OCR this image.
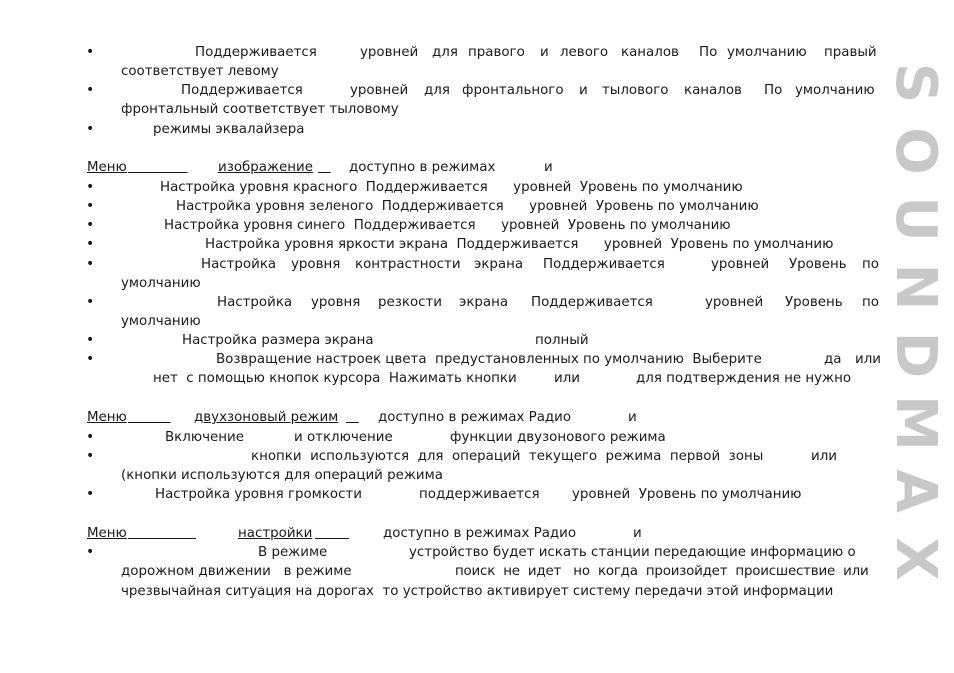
S
O
U
N
D
M
A
X
•	Поддерживается	уровней для правого и левого каналов По умолчанию правый
соответствует левому
•	Поддерживается	уровней для фронтального и тылового каналов По умолчанию
фронтальный соответствует тыловому
•	режимы эквалайзера
Меню
	изображение
	доступно в режимах	и
•	Настройка уровня красного  Поддерживается      уровней  Уровень по умолчанию
•	Настройка уровня зеленого  Поддерживается      уровней  Уровень по умолчанию
•	Настройка уровня синего  Поддерживается      уровней  Уровень по умолчанию
•	Настройка уровня яркости экрана  Поддерживается      уровней  Уровень по умолчанию
•	Настройка уровня контрастности экрана Поддерживается	уровней Уровень по
умолчанию
•	Настройка уровня резкости экрана Поддерживается	уровней Уровень по
умолчанию
•	Настройка размера экрана	полный
•	Возвращение настроек цвета  предустановленных по умолчанию  Выберите	да или
нет  с помощью кнопок курсора  Нажимать кнопки	или	для подтверждения не нужно
Меню
	двухзоновый режим
	доступно в режимах Радио	и
•	Включение	и отключение	функции двузонового режима
•	кнопки  используются  для  операций  текущего  режима  первой  зоны	или
(кнопки используются для операций режима
•	Настройка уровня громкости	поддерживается уровней  Уровень по умолчанию
Меню
	настройки
	доступно в режимах Радио	и
•	В режиме	устройство будет искать станции передающие информацию о
дорожном движении   в режиме	поиск  не  идет   но  когда  произойдет  происшествие  или
чрезвычайная ситуация на дорогах  то устройство активирует систему передачи этой информации
